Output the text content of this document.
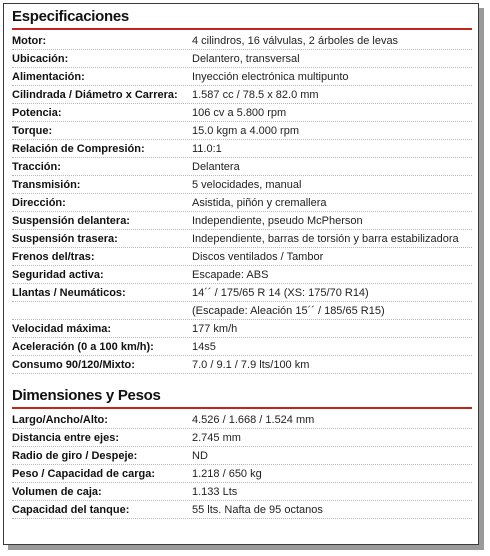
Especificaciones
Motor:	4 cilindros, 16 válvulas, 2 árboles de levas
Ubicación:	Delantero, transversal
Alimentación:	Inyección electrónica multipunto
Cilindrada / Diámetro x Carrera:	1.587 cc / 78.5 x 82.0 mm
Potencia:	106 cv a 5.800 rpm
Torque:	15.0 kgm a 4.000 rpm
Relación de Compresión:	11.0:1
Tracción:	Delantera
Transmisión:	5 velocidades, manual
Dirección:	Asistida, piñón y cremallera
Suspensión delantera:	Independiente, pseudo McPherson
Suspensión trasera:	Independiente, barras de torsión y barra estabilizadora
Frenos del/tras:	Discos ventilados / Tambor
Seguridad activa:	Escapade: ABS
Llantas / Neumáticos:	14´´ / 175/65 R 14 (XS: 175/70 R14)
(Escapade: Aleación 15´´ / 185/65 R15)
Velocidad máxima:	177 km/h
Aceleración (0 a 100 km/h):	14s5
Consumo 90/120/Mixto:	7.0 / 9.1 / 7.9 lts/100 km
Dimensiones y Pesos
Largo/Ancho/Alto:	4.526 / 1.668 / 1.524 mm
Distancia entre ejes:	2.745 mm
Radio de giro / Despeje:	ND
Peso / Capacidad de carga:	1.218 / 650 kg
Volumen de caja:	1.133 Lts
Capacidad del tanque:	55 lts. Nafta de 95 octanos
